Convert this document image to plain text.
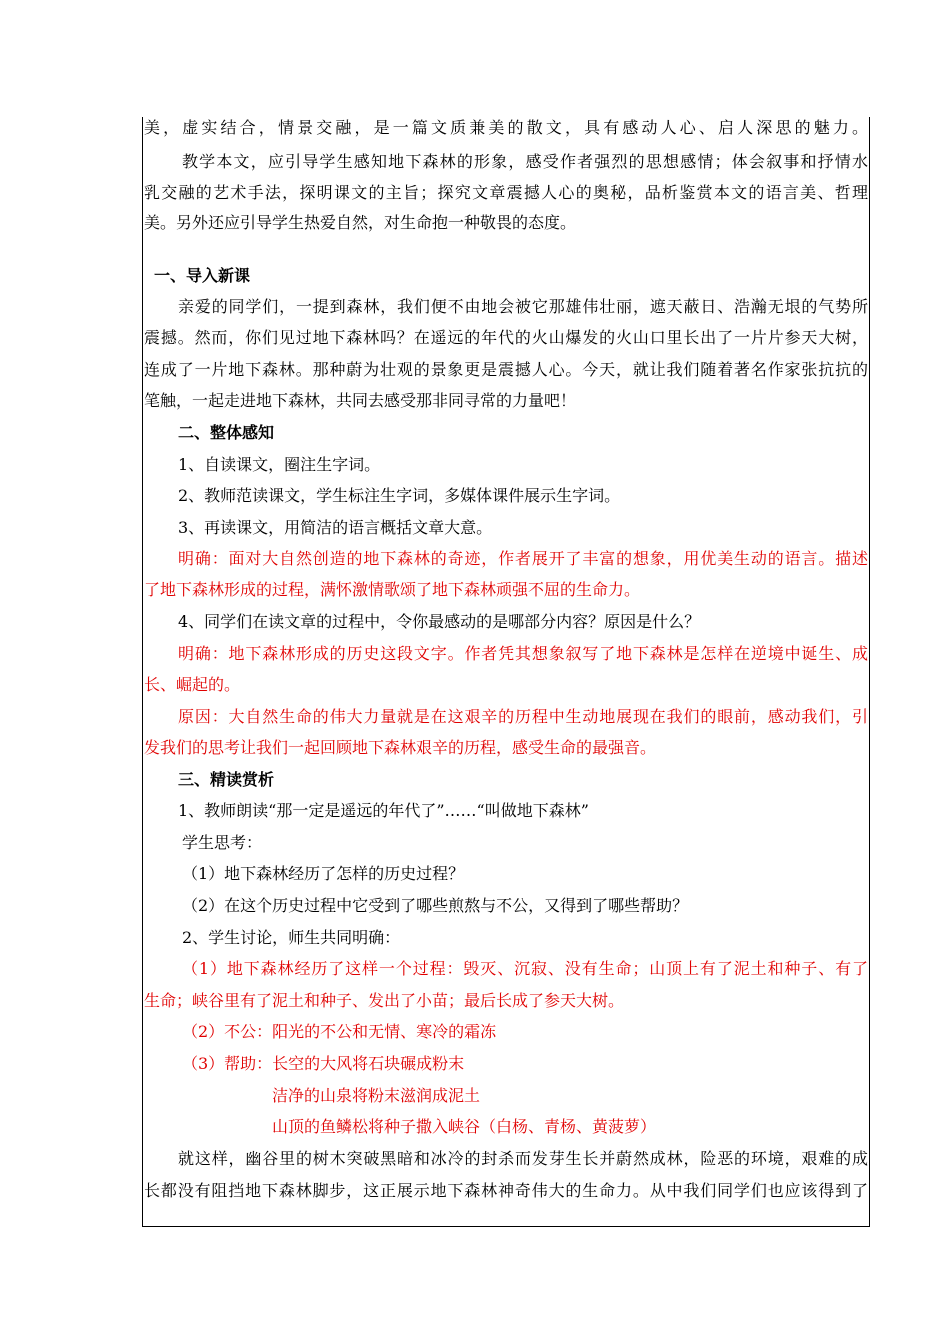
美，虚实结合，情景交融，是一篇文质兼美的散文，具有感动人心、启人深思的魅力。
教学本文，应引导学生感知地下森林的形象，感受作者强烈的思想感情；体会叙事和抒情水
乳交融的艺术手法，探明课文的主旨；探究文章震撼人心的奥秘，品析鉴赏本文的语言美、哲理
美。另外还应引导学生热爱自然，对生命抱一种敬畏的态度。
一、导入新课
亲爱的同学们，一提到森林，我们便不由地会被它那雄伟壮丽，遮天蔽日、浩瀚无垠的气势所
震撼。然而，你们见过地下森林吗？在遥远的年代的火山爆发的火山口里长出了一片片参天大树，
连成了一片地下森林。那种蔚为壮观的景象更是震撼人心。今天，就让我们随着著名作家张抗抗的
笔触，一起走进地下森林，共同去感受那非同寻常的力量吧！
二、整体感知
1、自读课文，圈注生字词。
2、教师范读课文，学生标注生字词，多媒体课件展示生字词。
3、再读课文，用简洁的语言概括文章大意。
明确：面对大自然创造的地下森林的奇迹，作者展开了丰富的想象，用优美生动的语言。描述
了地下森林形成的过程，满怀激情歌颂了地下森林顽强不屈的生命力。
4、同学们在读文章的过程中，令你最感动的是哪部分内容？原因是什么？
明确：地下森林形成的历史这段文字。作者凭其想象叙写了地下森林是怎样在逆境中诞生、成
长、崛起的。
原因：大自然生命的伟大力量就是在这艰辛的历程中生动地展现在我们的眼前，感动我们，引
发我们的思考让我们一起回顾地下森林艰辛的历程，感受生命的最强音。
三、精读赏析
1、教师朗读“那一定是遥远的年代了”……“叫做地下森林”
学生思考：
（1）地下森林经历了怎样的历史过程？
（2）在这个历史过程中它受到了哪些煎熬与不公，又得到了哪些帮助？
2、学生讨论，师生共同明确：
（1）地下森林经历了这样一个过程：毁灭、沉寂、没有生命；山顶上有了泥土和种子、有了
生命；峡谷里有了泥土和种子、发出了小苗；最后长成了参天大树。
（2）不公：阳光的不公和无情、寒冷的霜冻
（3）帮助：长空的大风将石块碾成粉末
洁净的山泉将粉末滋润成泥土
山顶的鱼鳞松将种子撒入峡谷（白杨、青杨、黄菠萝）
就这样，幽谷里的树木突破黑暗和冰冷的封杀而发芽生长并蔚然成林，险恶的环境，艰难的成
长都没有阻挡地下森林脚步，这正展示地下森林神奇伟大的生命力。从中我们同学们也应该得到了
